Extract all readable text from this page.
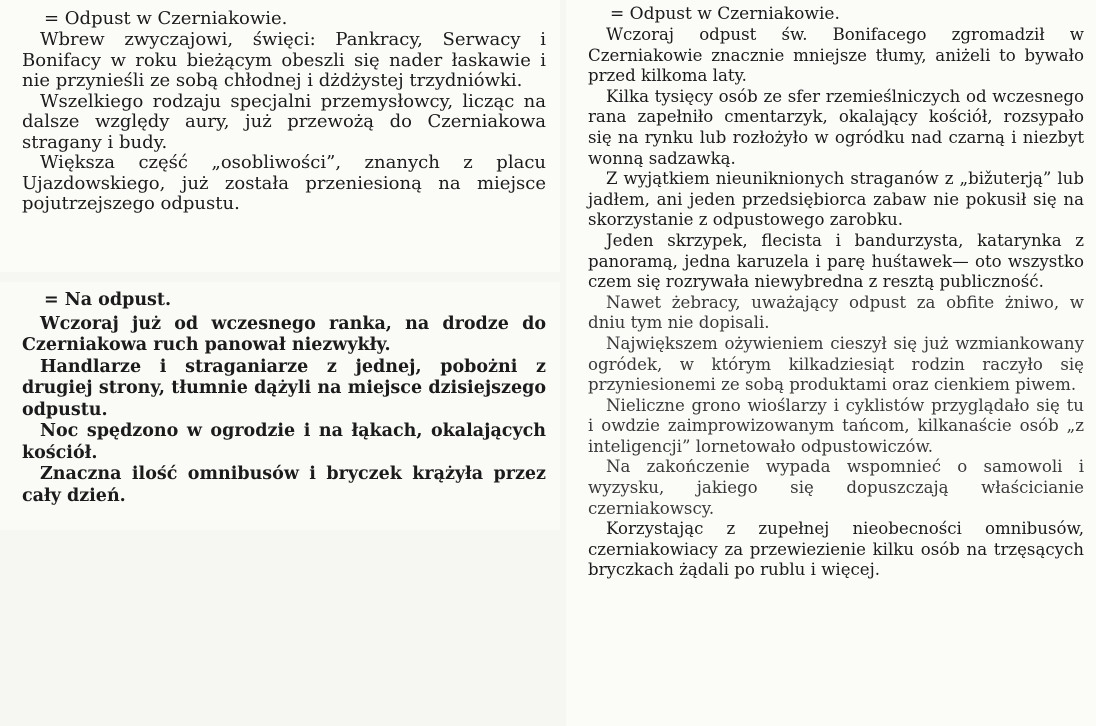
= Odpust w Czerniakowie.

Wbrew zwyczajowi, święci: Pankracy, Serwacy i Bonifacy w roku bieżącym obeszli się nader łaskawie i nie przynieśli ze sobą chłodnej i dżdżystej trzydniówki.

Wszelkiego rodzaju specjalni przemysłowcy, licząc na dalsze względy aury, już przewożą do Czerniakowa stragany i budy.

Większa część „osobliwości”, znanych z placu Ujazdowskiego, już została przeniesioną na miejsce pojutrzejszego odpustu.

= Na odpust.

Wczoraj już od wczesnego ranka, na drodze do Czerniakowa ruch panował niezwykły.

Handlarze i straganiarze z jednej, pobożni z drugiej strony, tłumnie dążyli na miejsce dzisiejszego odpustu.

Noc spędzono w ogrodzie i na łąkach, okalających kościół.

Znaczna ilość omnibusów i bryczek krążyła przez cały dzień.

= Odpust w Czerniakowie.

Wczoraj odpust św. Bonifacego zgromadził w Czerniakowie znacznie mniejsze tłumy, aniżeli to bywało przed kilkoma laty.

Kilka tysięcy osób ze sfer rzemieślniczych od wczesnego rana zapełniło cmentarzyk, okalający kościół, rozsypało się na rynku lub rozłożyło w ogródku nad czarną i niezbyt wonną sadzawką.

Z wyjątkiem nieuniknionych straganów z „bižuterją” lub jadłem, ani jeden przedsiębiorca zabaw nie pokusił się na skorzystanie z odpustowego zarobku.

Jeden skrzypek, flecista i bandurzysta, katarynka z panoramą, jedna karuzela i parę huśtawek— oto wszystko czem się rozrywała niewybredna z resztą publiczność.

Nawet żebracy, uważający odpust za obfite żniwo, w dniu tym nie dopisali.

Największem ożywieniem cieszył się już wzmiankowany ogródek, w którym kilkadziesiąt rodzin raczyło się przyniesionemi ze sobą produktami oraz cienkiem piwem.

Nieliczne grono wioślarzy i cyklistów przyglądało się tu i owdzie zaimprowizowanym tańcom, kilkanaście osób „z inteligencji” lornetowało odpustowiczów.

Na zakończenie wypada wspomnieć o samowoli i wyzysku, jakiego się dopuszczają właścicianie czerniakowscy.

Korzystając z zupełnej nieobecności omnibusów, czerniakowiacy za przewiezienie kilku osób na trzęsących bryczkach żądali po rublu i więcej.
